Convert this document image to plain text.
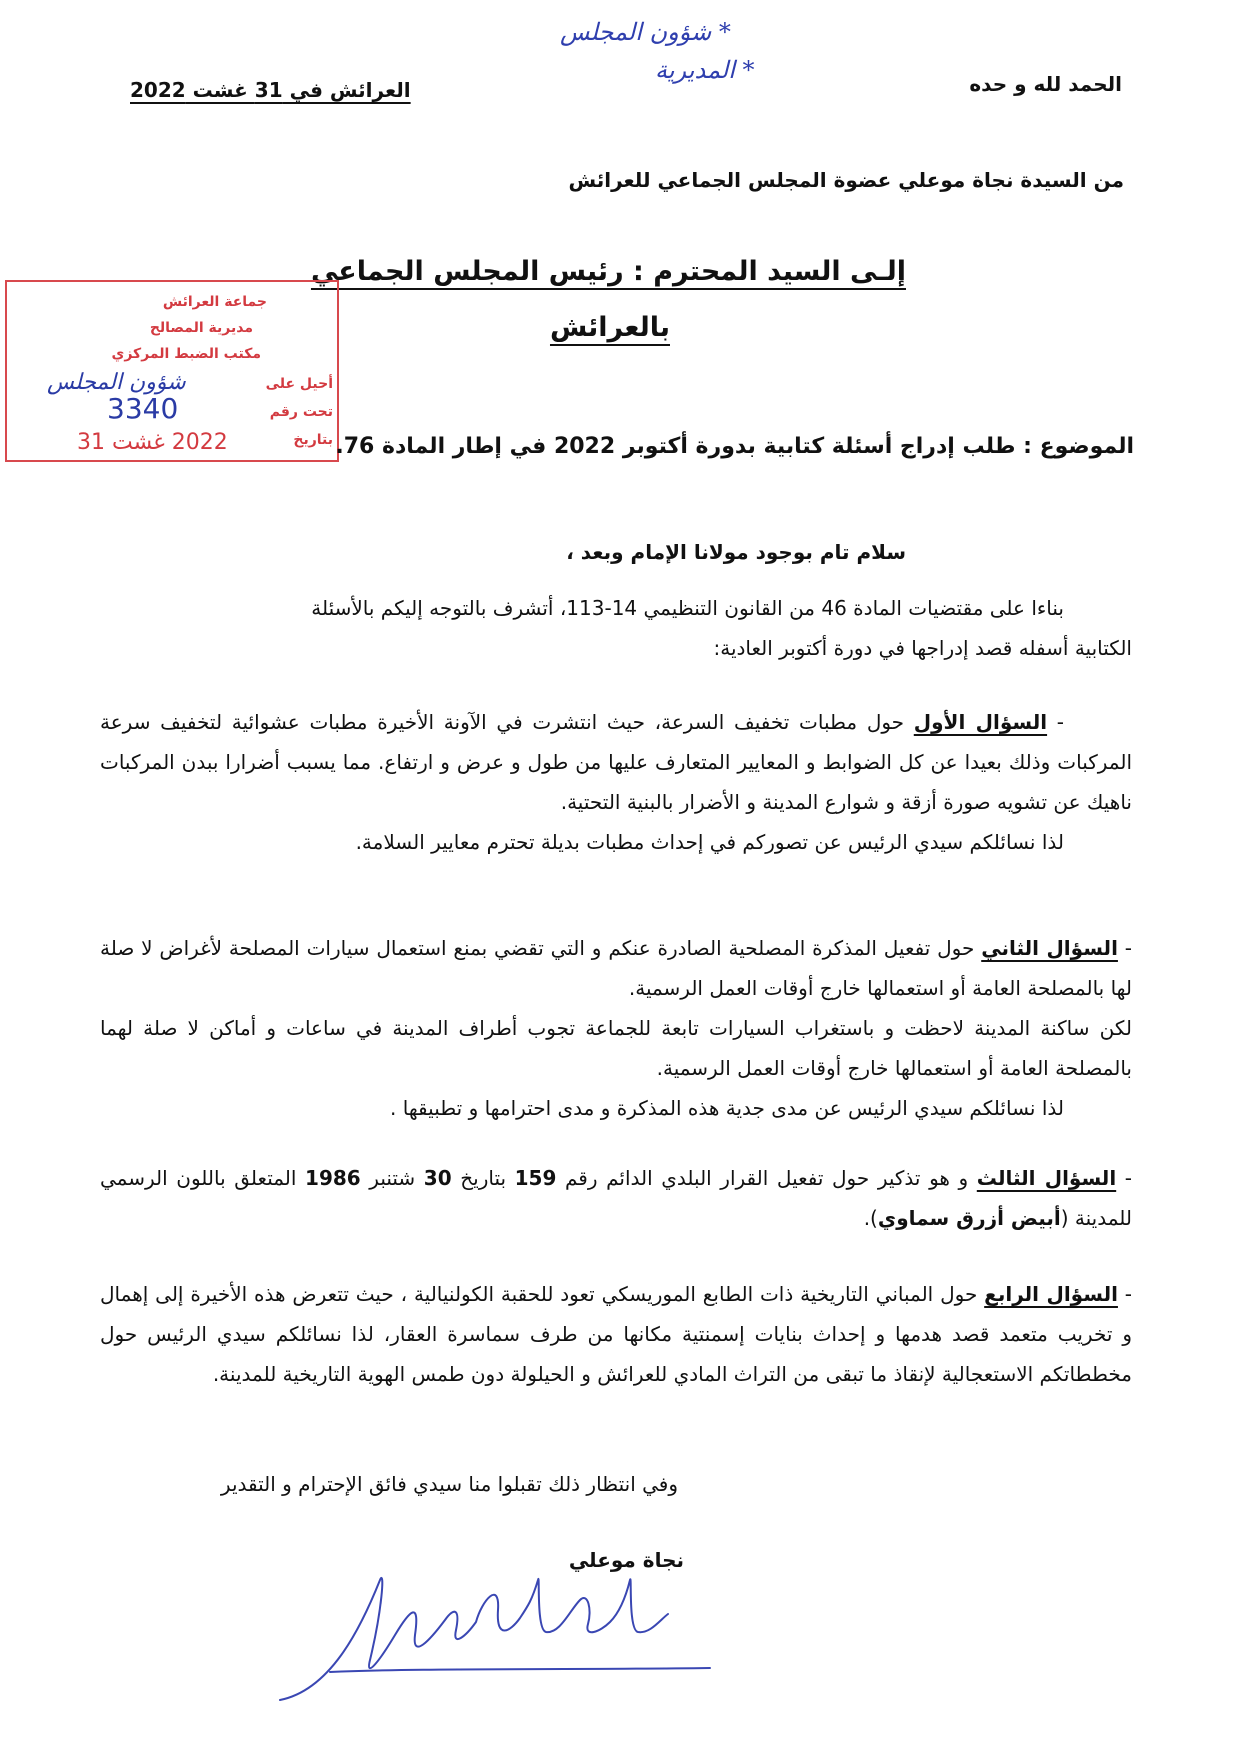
* شؤون المجلس
* المديرية	الحمد لله و حده
العرائش في 31 غشت 2022
من السيدة نجاة موعلي عضوة المجلس الجماعي للعرائش
إلـى السيد المحترم : رئيس المجلس الجماعي
بالعرائش
جماعة العرائش
مديرية المصالح
مكتب الضبط المركزي
أحيل على
شؤون المجلس
تحت رقم
3340
بتاريخ
2022 غشت 31	الموضوع : طلب إدراج أسئلة كتابية بدورة أكتوبر 2022 في إطار المادة 76.
سلام تام بوجود مولانا الإمام وبعد ،

بناءا على مقتضيات المادة 46 من القانون التنظيمي 14-113، أتشرف بالتوجه إليكم بالأسئلة

الكتابية أسفله قصد إدراجها في دورة أكتوبر العادية:

- السؤال الأول حول مطبات تخفيف السرعة، حيث انتشرت في الآونة الأخيرة مطبات عشوائية لتخفيف سرعة المركبات وذلك بعيدا عن كل الضوابط و المعايير المتعارف عليها من طول و عرض و ارتفاع. مما يسبب أضرارا ببدن المركبات ناهيك عن تشويه صورة أزقة و شوارع المدينة و الأضرار بالبنية التحتية.

لذا نسائلكم سيدي الرئيس عن تصوركم في إحداث مطبات بديلة تحترم معايير السلامة.

- السؤال الثاني حول تفعيل المذكرة المصلحية الصادرة عنكم و التي تقضي بمنع استعمال سيارات المصلحة لأغراض لا صلة لها بالمصلحة العامة أو استعمالها خارج أوقات العمل الرسمية.

لكن ساكنة المدينة لاحظت و باستغراب السيارات تابعة للجماعة تجوب أطراف المدينة في ساعات و أماكن لا صلة لهما بالمصلحة العامة أو استعمالها خارج أوقات العمل الرسمية.

لذا نسائلكم سيدي الرئيس عن مدى جدية هذه المذكرة و مدى احترامها و تطبيقها .

- السؤال الثالث و هو تذكير حول تفعيل القرار البلدي الدائم رقم 159 بتاريخ 30 شتنبر 1986 المتعلق باللون الرسمي للمدينة (أبيض أزرق سماوي).

- السؤال الرابع حول المباني التاريخية ذات الطابع الموريسكي تعود للحقبة الكولنيالية ، حيث تتعرض هذه الأخيرة إلى إهمال و تخريب متعمد قصد هدمها و إحداث بنايات إسمنتية مكانها من طرف سماسرة العقار، لذا نسائلكم سيدي الرئيس حول مخططاتكم الاستعجالية لإنقاذ ما تبقى من التراث المادي للعرائش و الحيلولة دون طمس الهوية التاريخية للمدينة.

وفي انتظار ذلك تقبلوا منا سيدي فائق الإحترام و التقدير
نجاة موعلي
